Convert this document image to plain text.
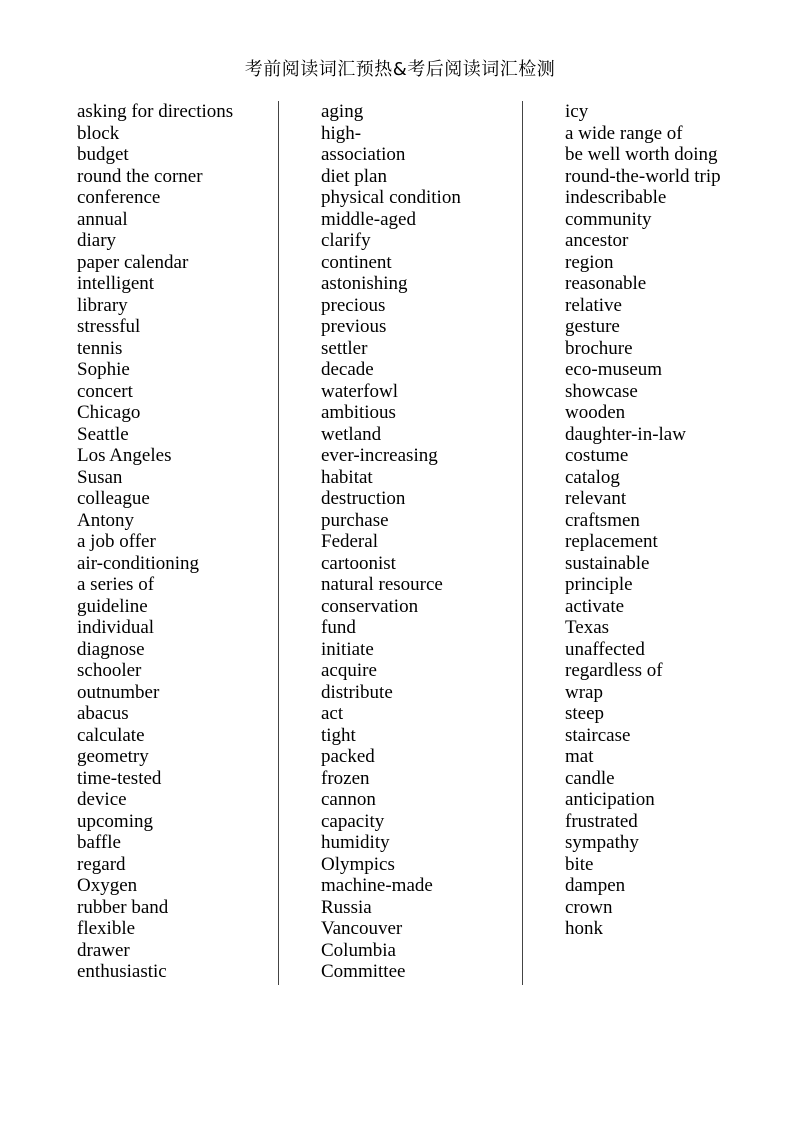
考前阅读词汇预热&考后阅读词汇检测
asking for directions
block
budget
round the corner
conference
annual
diary
paper calendar
intelligent
library
stressful
tennis
Sophie
concert
Chicago
Seattle
Los Angeles
Susan
colleague
Antony
a job offer
air-conditioning
a series of
guideline
individual
diagnose
schooler
outnumber
abacus
calculate
geometry
time-tested
device
upcoming
baffle
regard
Oxygen
rubber band
flexible
drawer
enthusiastic
aging
high-
association
diet plan
physical condition
middle-aged
clarify
continent
astonishing
precious
previous
settler
decade
waterfowl
ambitious
wetland
ever-increasing
habitat
destruction
purchase
Federal
cartoonist
natural resource
conservation
fund
initiate
acquire
distribute
act
tight
packed
frozen
cannon
capacity
humidity
Olympics
machine-made
Russia
Vancouver
Columbia
Committee
icy
a wide range of
be well worth doing
round-the-world trip
indescribable
community
ancestor
region
reasonable
relative
gesture
brochure
eco-museum
showcase
wooden
daughter-in-law
costume
catalog
relevant
craftsmen
replacement
sustainable
principle
activate
Texas
unaffected
regardless of
wrap
steep
staircase
mat
candle
anticipation
frustrated
sympathy
bite
dampen
crown
honk
